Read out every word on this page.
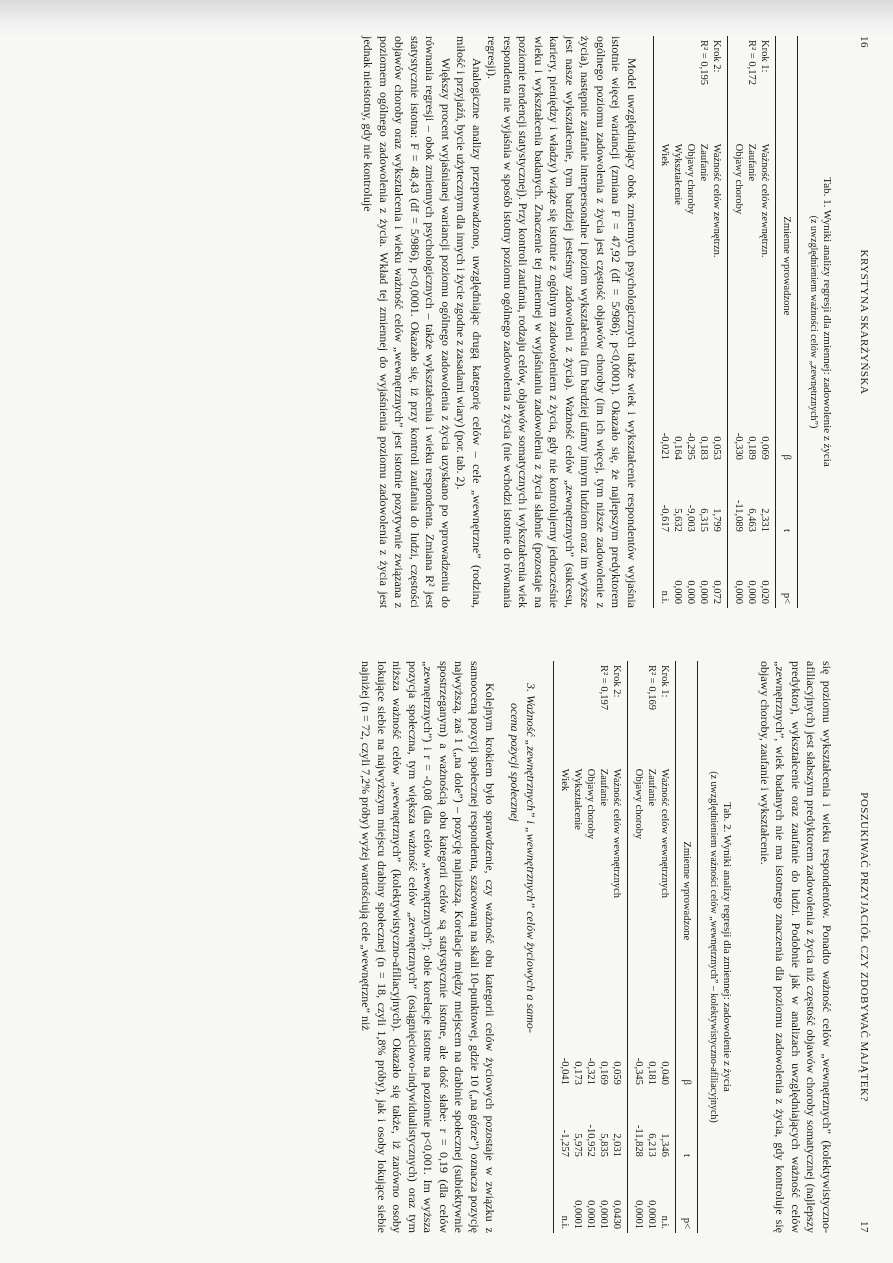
16
KRYSTYNA SKARŻYŃSKA
Tab. 1. Wyniki analizy regresji dla zmiennej: zadowolenie z życia
(z uwzględnieniem ważności celów „zewnętrznych”)
	Zmienne wprowadzone	β	t	p<
Krok 1:	Ważność celów zewnętrzn.	0,069	2,331	0,020
R² = 0,172	Zaufanie	0,189	6,463	0,000
	Objawy choroby	-0,330	-11,089	0,000
Krok 2:	Ważność celów zewnętrzn.	0,053	1,799	0,072
R² = 0,195	Zaufanie	0,183	6,315	0,000
	Objawy choroby	-0,295	-9,003	0,000
	Wykształcenie	0,164	5,632	0,000
	Wiek	-0,021	-0,617	n.i.

Model uwzględniający obok zmiennych psychologicznych także wiek i wykształcenie respondentów wyjaśnia istotnie więcej wariancji (zmiana F = 47,92 (df = 5/986); p<0,0001). Okazało się, że najlepszym predyktorem ogólnego poziomu zadowolenia z życia jest częstość objawów choroby (im ich więcej, tym niższe zadowolenie z życia), następnie zaufanie interpersonalne i poziom wykształcenia (im bardziej ufamy innym ludziom oraz im wyższe jest nasze wykształcenie, tym bardziej jesteśmy zadowoleni z życia). Ważność celów „zewnętrznych” (sukcesu, kariery, pieniędzy i władzy) wiąże się istotnie z ogólnym zadowoleniem z życia, gdy nie kontrolujemy jednocześnie wieku i wykształcenia badanych. Znaczenie tej zmiennej w wyjaśnianiu zadowolenia z życia słabnie (pozostaje na poziomie tendencji statystycznej). Przy kontroli zaufania, rodzaju celów, objawów somatycznych i wykształcenia wiek respondenta nie wyjaśnia w sposób istotny poziomu ogólnego zadowolenia z życia (nie wchodzi istotnie do równania regresji).

Analogiczne analizy przeprowadzono, uwzględniając drugą kategorię celów – cele „wewnętrzne” (rodzina, miłość i przyjaźń, bycie użytecznym dla innych i życie zgodne z zasadami wiary) (por. tab. 2).

Większy procent wyjaśnianej wariancji poziomu ogólnego zadowolenia z życia uzyskano po wprowadzeniu do równania regresji – obok zmiennych psychologicznych – także wykształcenia i wieku respondenta. Zmiana R² jest statystycznie istotna: F = 48,43 (df = 5/986), p<0,0001. Okazało się, iż przy kontroli zaufania do ludzi, częstości objawów choroby oraz wykształcenia i wieku ważność celów „wewnętrznych” jest istotnie pozytywnie związana z poziomem ogólnego zadowolenia z życia. Wkład tej zmiennej do wyjaśnienia poziomu zadowolenia z życia jest jednak nieistotny, gdy nie kontroluje

POSZUKIWAĆ PRZYJACIÓŁ CZY ZDOBYWAĆ MAJĄTEK?
17

się poziomu wykształcenia i wieku respondentów. Ponadto ważność celów „wewnętrznych” (kolektywistyczno-afiliacyjnych) jest słabszym predyktorem zadowolenia z życia niż częstość objawów choroby somatycznej (najlepszy predyktor), wykształcenie oraz zaufanie do ludzi. Podobnie jak w analizach uwzględniających ważność celów „zewnętrznych”, wiek badanych nie ma istotnego znaczenia dla poziomu zadowolenia z życia, gdy kontroluje się objawy choroby, zaufanie i wykształcenie.

Tab. 2. Wyniki analizy regresji dla zmiennej: zadowolenie z życia
(z uwzględnieniem ważności celów „wewnętrznych” – kolektywistyczno-afiliacyjnych)
	Zmienne wprowadzone	β	t	p<
Krok 1:	Ważność celów wewnętrznych	0,040	1,346	n.i.
R² = 0,169	Zaufanie	0,181	6,213	0,0001
	Objawy choroby	-0,345	-11,828	0,0001
Krok 2:	Ważność celów wewnętrznych	0,059	2,031	0,0430
R² = 0,197	Zaufanie	0,169	5,835	0,0001
	Objawy choroby	-0,321	-10,952	0,0001
	Wykształcenie	0,173	5,975	0,0001
	Wiek	-0,041	-1,257	n.i.
3. Ważność „zewnętrznych” i „wewnętrznych” celów życiowych a samo-
ocena pozycji społecznej

Kolejnym krokiem było sprawdzenie, czy ważność obu kategorii celów życiowych pozostaje w związku z samooceną pozycji społecznej respondenta, szacowaną na skali 10-punktowej, gdzie 10 („na górze”) oznacza pozycję najwyższą, zaś 1 („na dole”) – pozycję najniższą. Korelacje między miejscem na drabinie społecznej (subiektywnie spostrzeganym) a ważnością obu kategorii celów są statystycznie istotne, ale dość słabe: r = 0,19 (dla celów „zewnętrznych”) i r = -0,08 (dla celów „wewnętrznych”); obie korelacje istotne na poziomie p<0,001. Im wyższa pozycja społeczna, tym większa ważność celów „zewnętrznych” (osiągnięciowo-indywidualistycznych) oraz tym niższa ważność celów „wewnętrznych” (kolektywistyczno-afiliacyjnych). Okazało się także, iż zarówno osoby lokujące siebie na najwyższym miejscu drabiny społecznej (n = 18, czyli 1,8% próby), jak i osoby lokujące siebie najniżej (n = 72, czyli 7,2% próby) wyżej wartościują cele „wewnętrzne” niż
